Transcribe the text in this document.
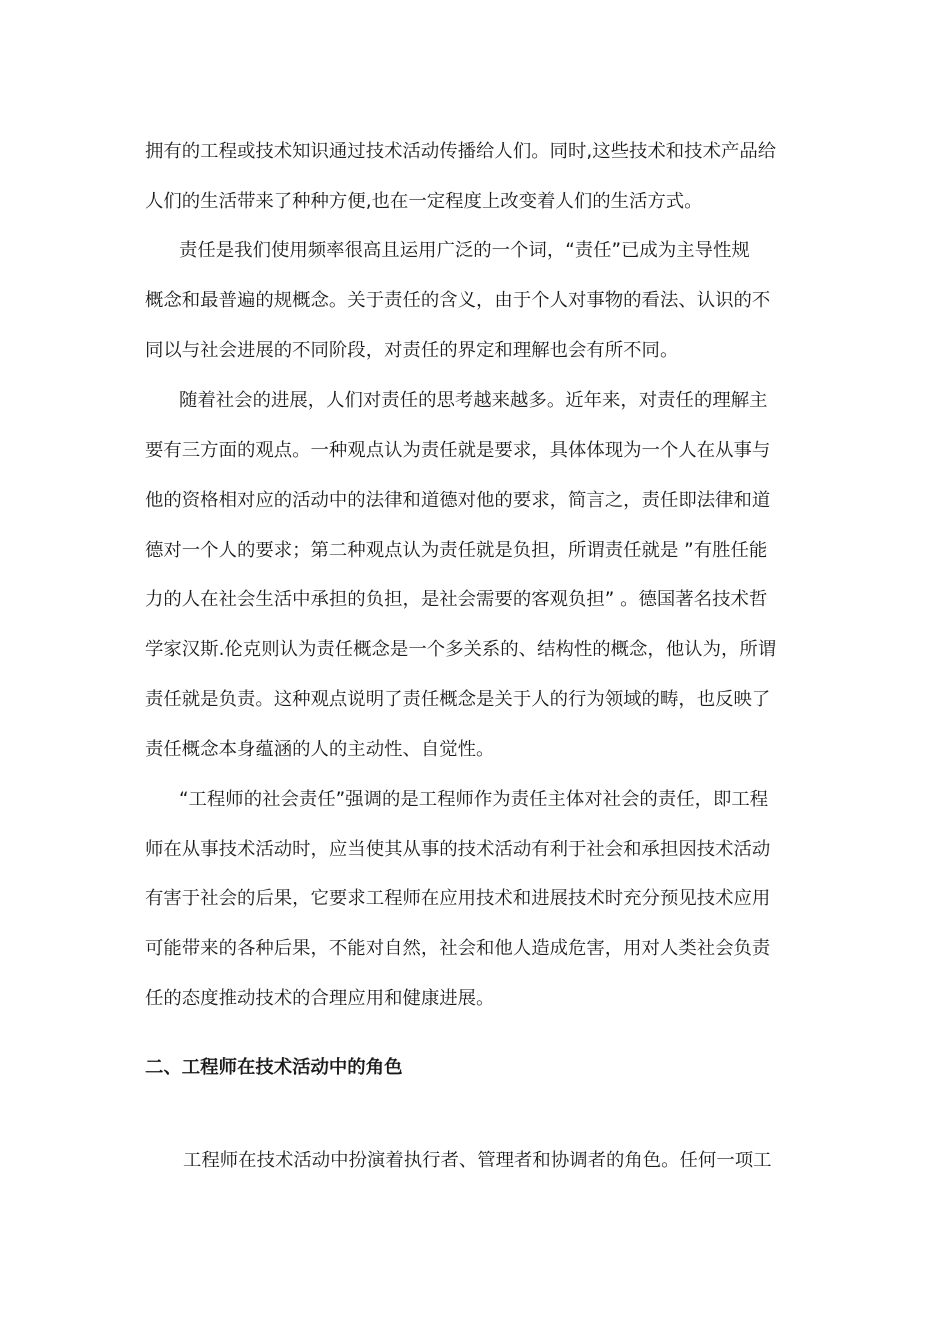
拥有的工程或技术知识通过技术活动传播给人们。同时,这些技术和技术产品给
人们的生活带来了种种方便,也在一定程度上改变着人们的生活方式。
责任是我们使用频率很高且运用广泛的一个词，“责任”已成为主导性规
概念和最普遍的规概念。关于责任的含义，由于个人对事物的看法、认识的不
同以与社会进展的不同阶段，对责任的界定和理解也会有所不同。
随着社会的进展，人们对责任的思考越来越多。近年来，对责任的理解主
要有三方面的观点。一种观点认为责任就是要求，具体体现为一个人在从事与
他的资格相对应的活动中的法律和道德对他的要求，简言之，责任即法律和道
德对一个人的要求；第二种观点认为责任就是负担，所谓责任就是 ”有胜任能
力的人在社会生活中承担的负担，是社会需要的客观负担” 。德国著名技术哲
学家汉斯.伦克则认为责任概念是一个多关系的、结构性的概念，他认为，所谓
责任就是负责。这种观点说明了责任概念是关于人的行为领域的畴，也反映了
责任概念本身蕴涵的人的主动性、自觉性。
“工程师的社会责任”强调的是工程师作为责任主体对社会的责任，即工程
师在从事技术活动时，应当使其从事的技术活动有利于社会和承担因技术活动
有害于社会的后果，它要求工程师在应用技术和进展技术时充分预见技术应用
可能带来的各种后果，不能对自然，社会和他人造成危害，用对人类社会负责
任的态度推动技术的合理应用和健康进展。
二、工程师在技术活动中的角色
工程师在技术活动中扮演着执行者、管理者和协调者的角色。任何一项工
